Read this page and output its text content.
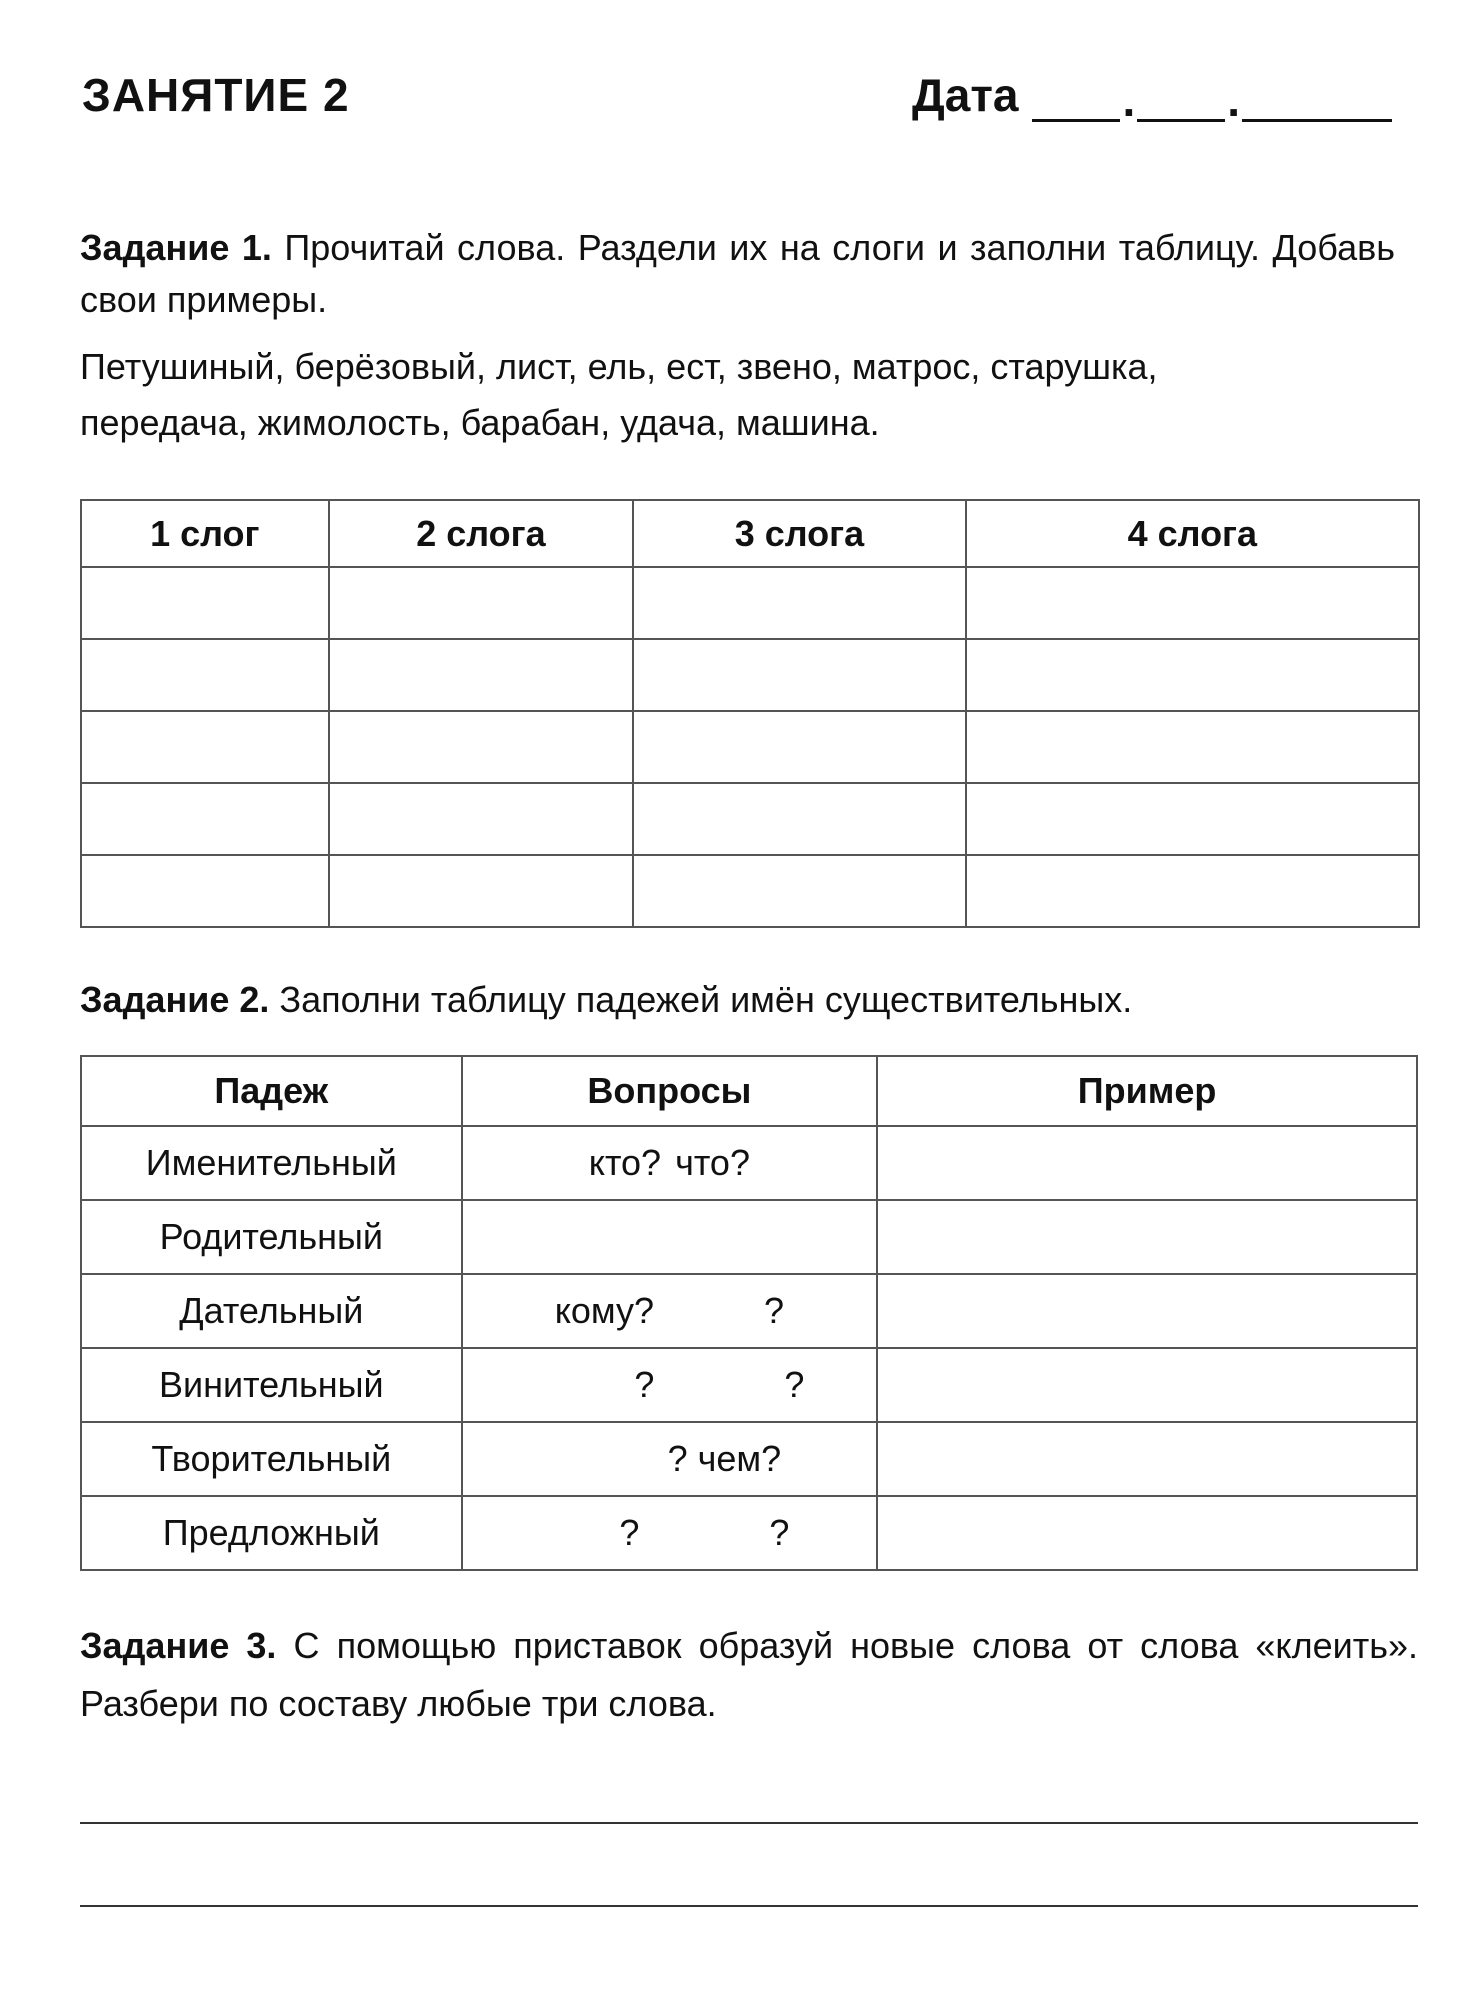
ЗАНЯТИЕ 2	Дата . .
Задание 1. Прочитай слова. Раздели их на слоги и заполни таблицу. Добавь свои примеры.
Петушиный, берёзовый, лист, ель, ест, звено, матрос, старушка,
передача, жимолость, барабан, удача, машина.
1 слог	2 слога	3 слога	4 слога

Задание 2. Заполни таблицу падежей имён существительных.
Падеж	Вопросы	Пример
Именительный	кто? что?	
Родительный		
Дательный	кому? ?	
Винительный	? ?	
Творительный	? чем?	
Предложный	? ?	
Задание 3. С помощью приставок образуй новые слова от слова «клеить». Разбери по составу любые три слова.
